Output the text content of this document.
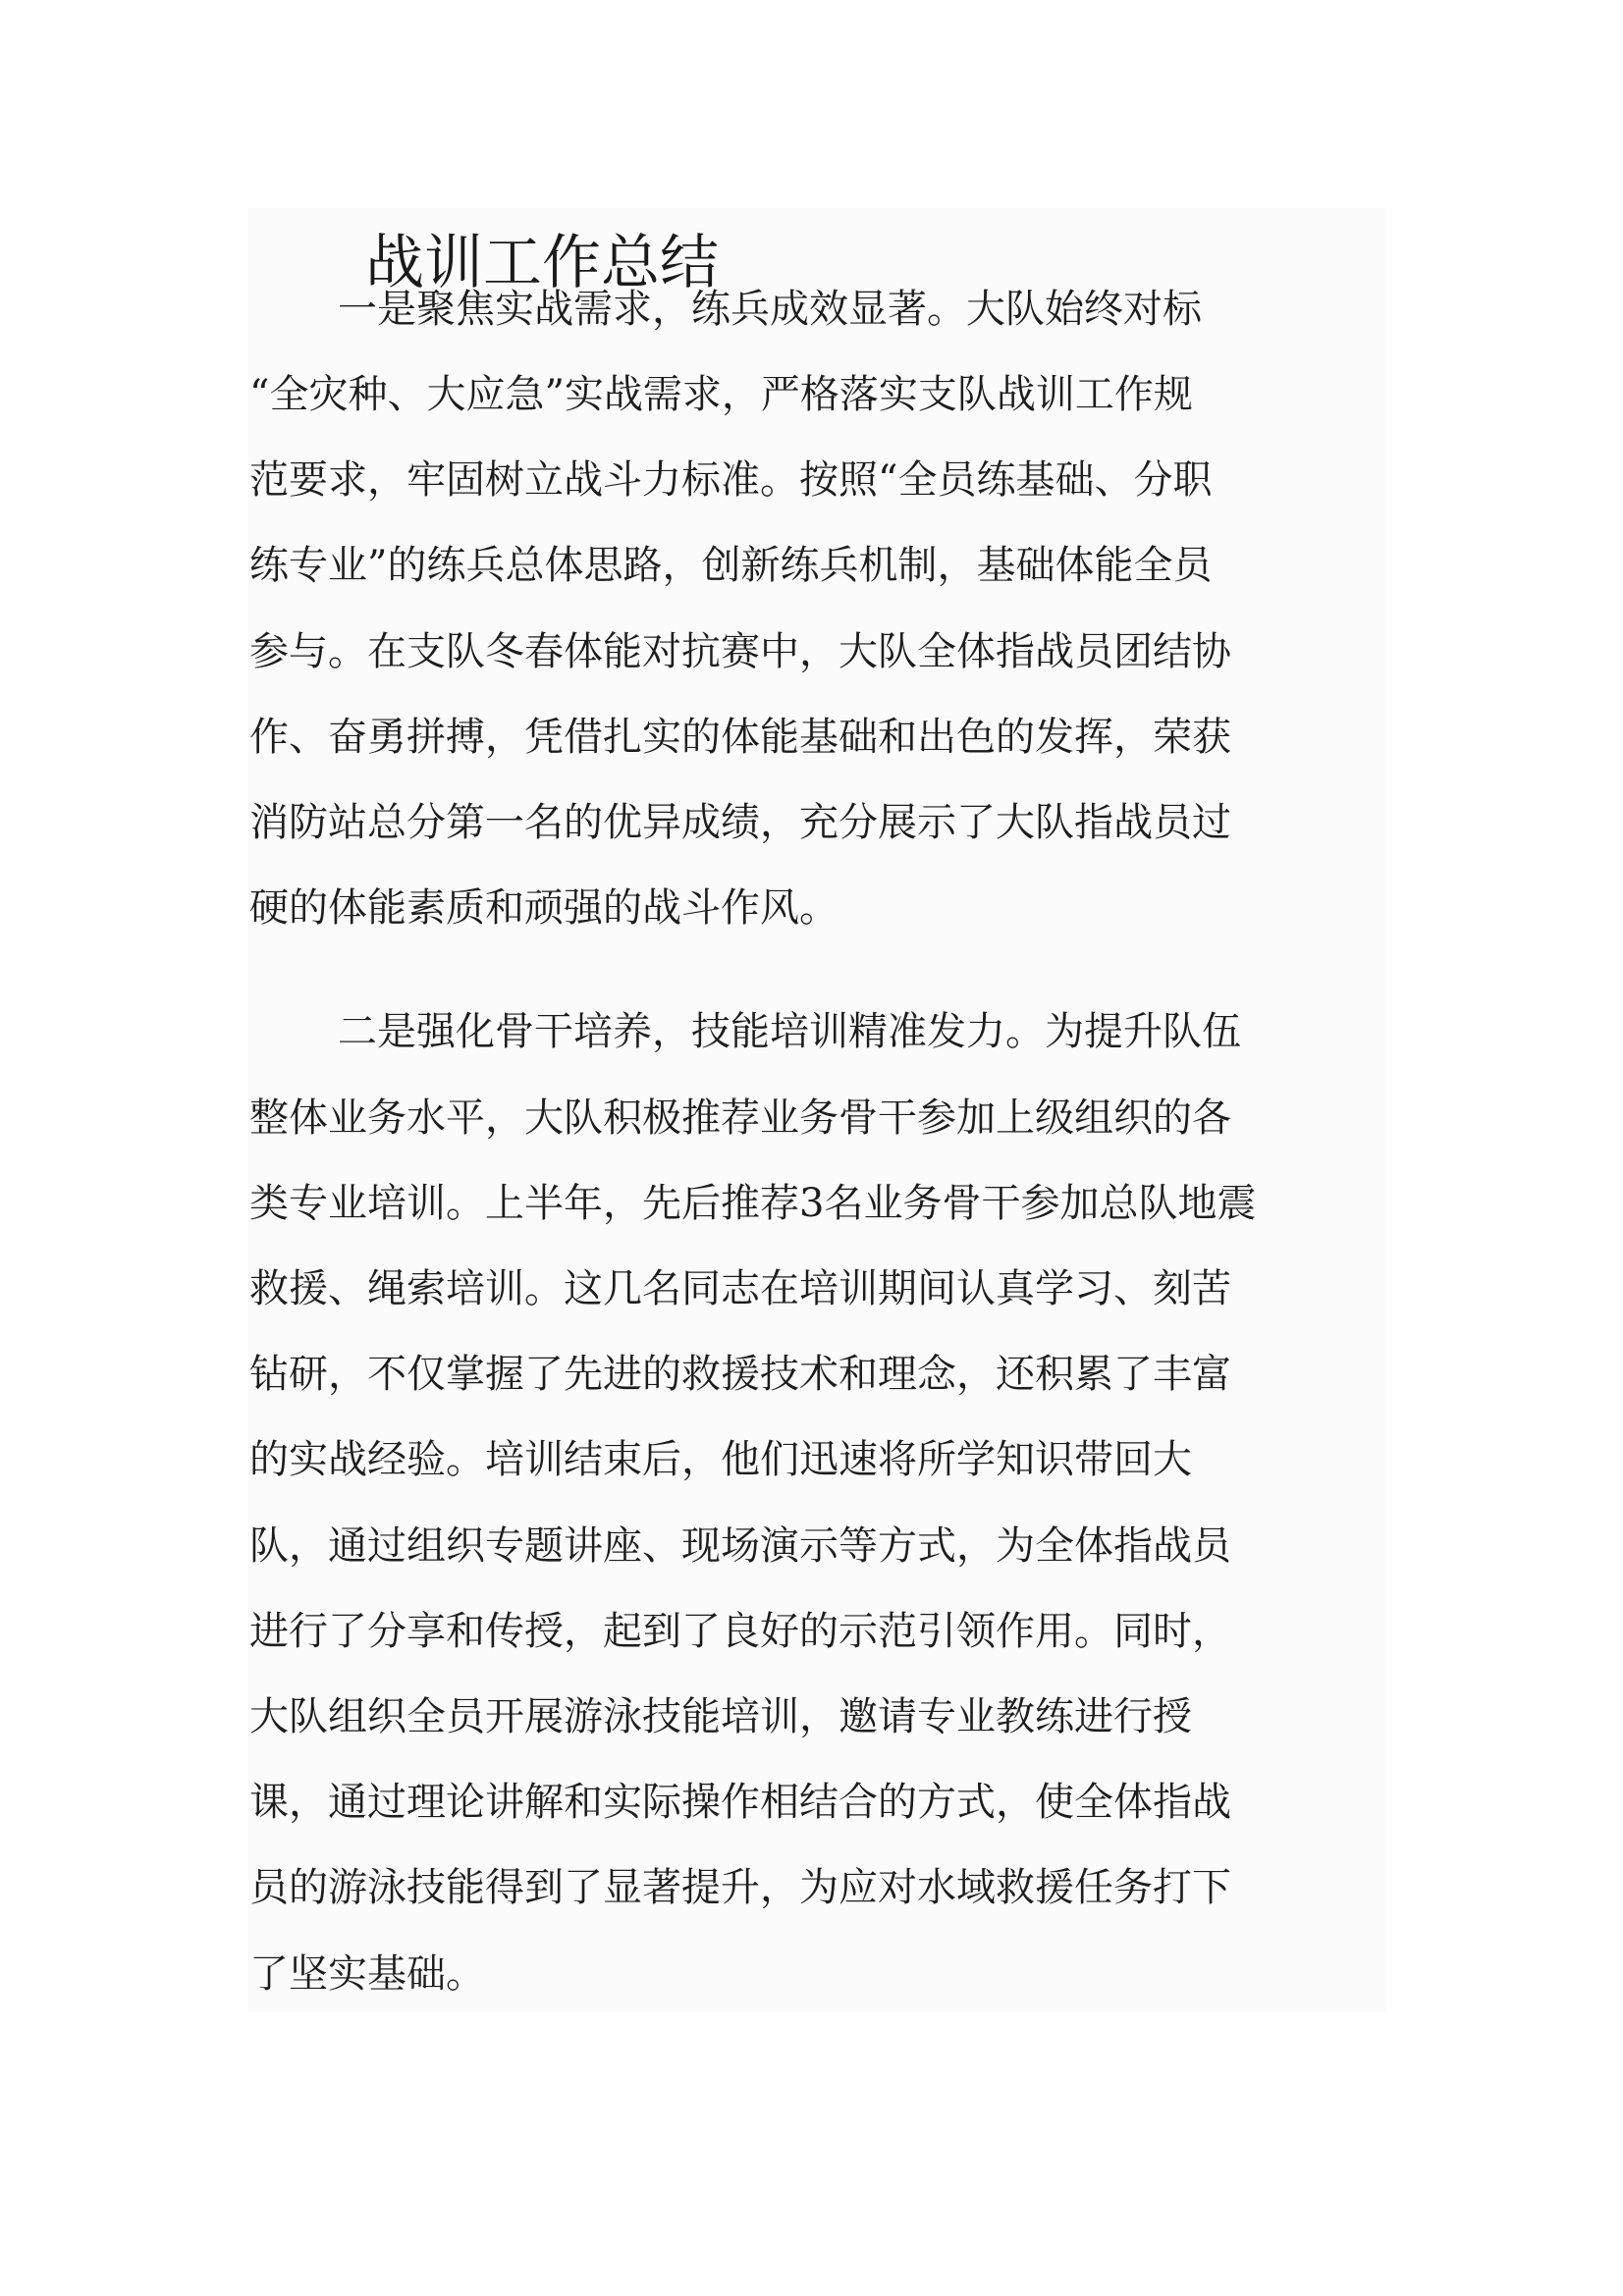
战训工作总结

一是聚焦实战需求，练兵成效显著。大队始终对标

“全灾种、大应急”实战需求，严格落实支队战训工作规

范要求，牢固树立战斗力标准。按照“全员练基础、分职

练专业”的练兵总体思路，创新练兵机制，基础体能全员

参与。在支队冬春体能对抗赛中，大队全体指战员团结协

作、奋勇拼搏，凭借扎实的体能基础和出色的发挥，荣获

消防站总分第一名的优异成绩，充分展示了大队指战员过

硬的体能素质和顽强的战斗作风。

二是强化骨干培养，技能培训精准发力。为提升队伍

整体业务水平，大队积极推荐业务骨干参加上级组织的各

类专业培训。上半年，先后推荐3名业务骨干参加总队地震

救援、绳索培训。这几名同志在培训期间认真学习、刻苦

钻研，不仅掌握了先进的救援技术和理念，还积累了丰富

的实战经验。培训结束后，他们迅速将所学知识带回大

队，通过组织专题讲座、现场演示等方式，为全体指战员

进行了分享和传授，起到了良好的示范引领作用。同时，

大队组织全员开展游泳技能培训，邀请专业教练进行授

课，通过理论讲解和实际操作相结合的方式，使全体指战

员的游泳技能得到了显著提升，为应对水域救援任务打下

了坚实基础。
